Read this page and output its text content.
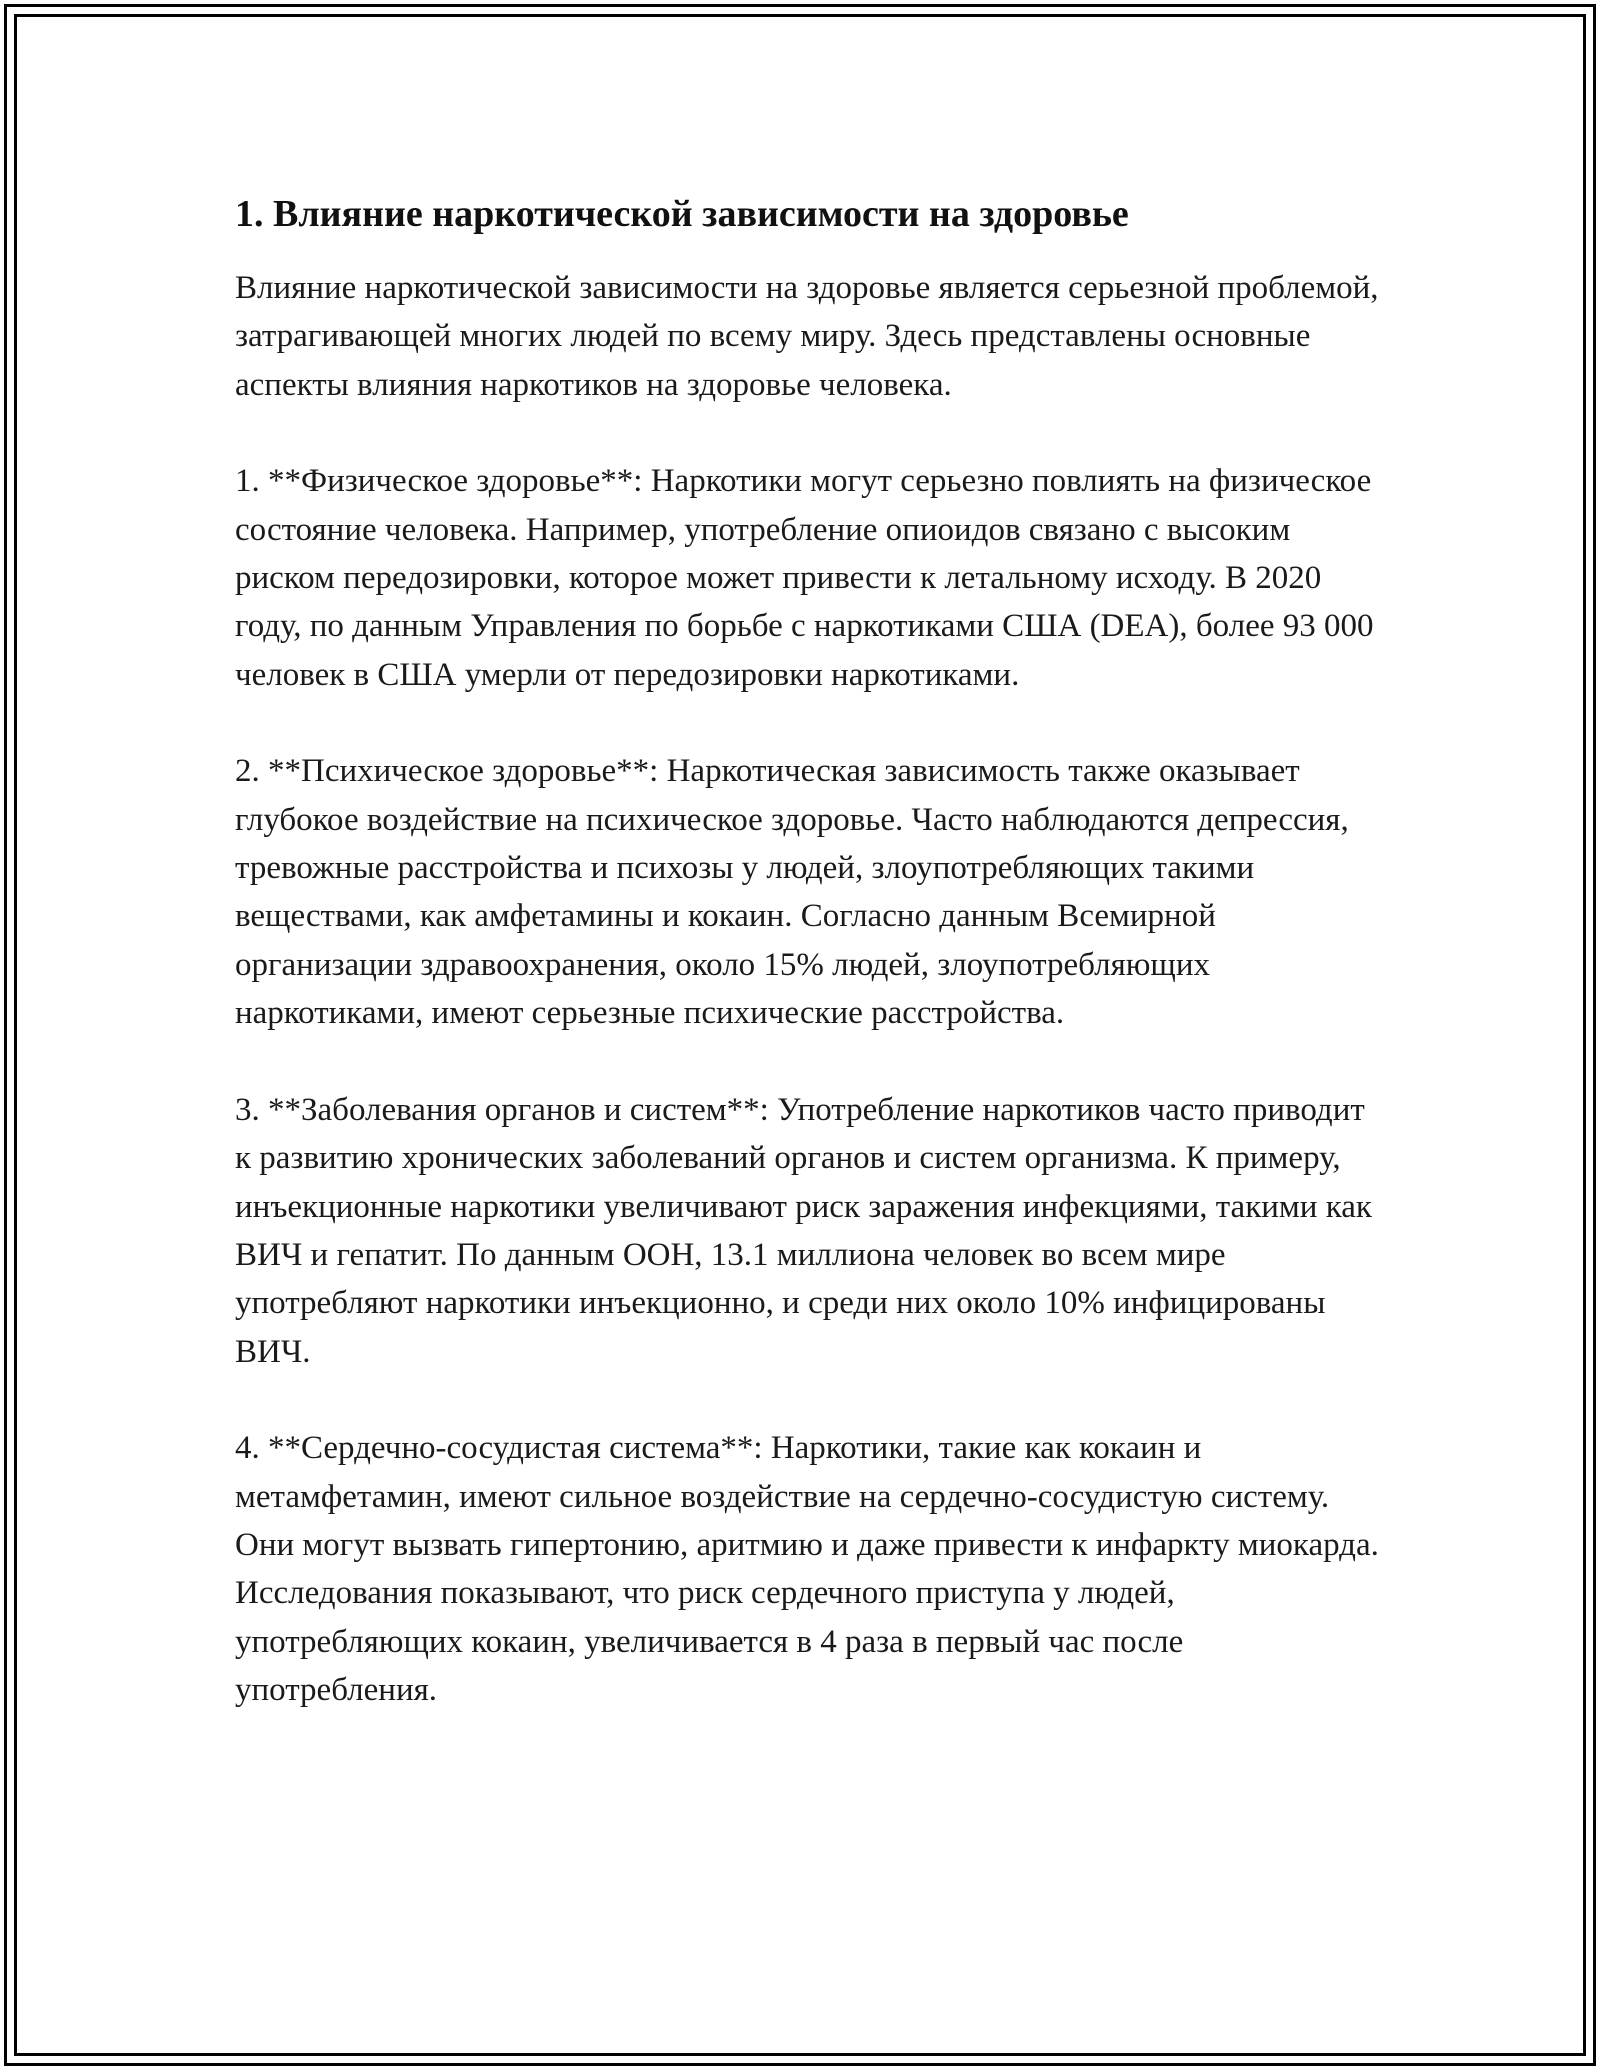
1. Влияние наркотической зависимости на здоровье

Влияние наркотической зависимости на здоровье является серьезной проблемой, затрагивающей многих людей по всему миру. Здесь представлены основные аспекты влияния наркотиков на здоровье человека.

1. **Физическое здоровье**: Наркотики могут серьезно повлиять на физическое состояние человека. Например, употребление опиоидов связано с высоким риском передозировки, которое может привести к летальному исходу. В 2020 году, по данным Управления по борьбе с наркотиками США (DEA), более 93 000 человек в США умерли от передозировки наркотиками.

2. **Психическое здоровье**: Наркотическая зависимость также оказывает глубокое воздействие на психическое здоровье. Часто наблюдаются депрессия, тревожные расстройства и психозы у людей, злоупотребляющих такими веществами, как амфетамины и кокаин. Согласно данным Всемирной организации здравоохранения, около 15% людей, злоупотребляющих наркотиками, имеют серьезные психические расстройства.

3. **Заболевания органов и систем**: Употребление наркотиков часто приводит к развитию хронических заболеваний органов и систем организма. К примеру, инъекционные наркотики увеличивают риск заражения инфекциями, такими как ВИЧ и гепатит. По данным ООН, 13.1 миллиона человек во всем мире употребляют наркотики инъекционно, и среди них около 10% инфицированы ВИЧ.

4. **Сердечно-сосудистая система**: Наркотики, такие как кокаин и метамфетамин, имеют сильное воздействие на сердечно-сосудистую систему. Они могут вызвать гипертонию, аритмию и даже привести к инфаркту миокарда. Исследования показывают, что риск сердечного приступа у людей, употребляющих кокаин, увеличивается в 4 раза в первый час после употребления.
